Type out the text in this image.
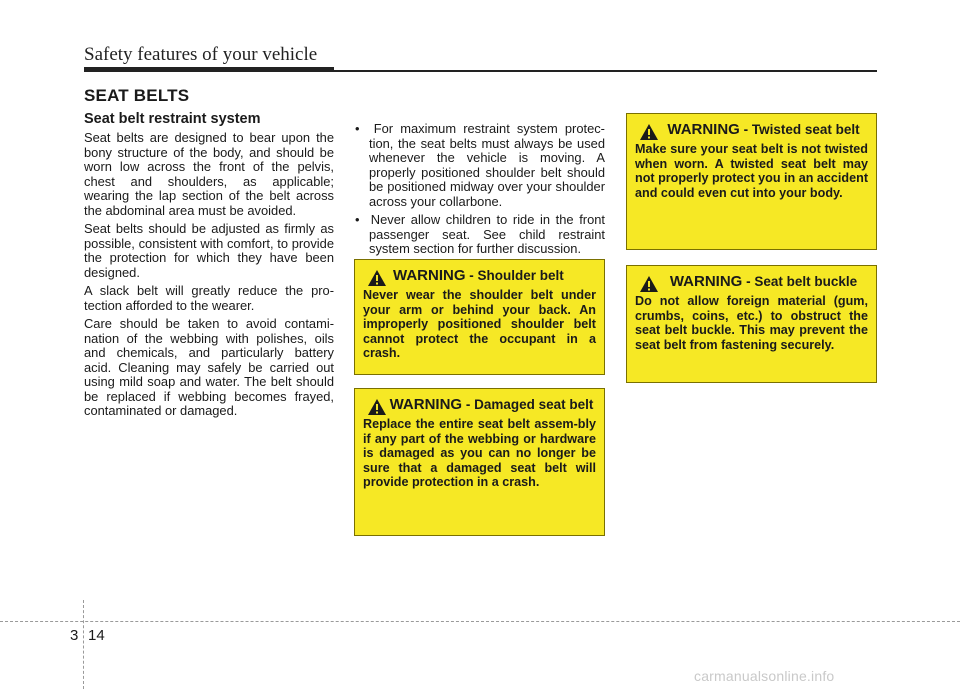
Safety features of your vehicle
SEAT BELTS
Seat belt restraint system

Seat belts are designed to bear upon the bony structure of the body, and should be worn low across the front of the pelvis, chest and shoulders, as applicable; wearing the lap section of the belt across the abdominal area must be avoided.

Seat belts should be adjusted as firmly as possible, consistent with comfort, to provide the protection for which they have been designed.

A slack belt will greatly reduce the pro-tection afforded to the wearer.

Care should be taken to avoid contami-nation of the webbing with polishes, oils and chemicals, and particularly battery acid. Cleaning may safely be carried out using mild soap and water. The belt should be replaced if webbing becomes frayed, contaminated or damaged.

•  For maximum restraint system protec-tion, the seat belts must always be used whenever the vehicle is moving. A properly positioned shoulder belt should be positioned midway over your shoulder across your collarbone.

•  Never allow children to ride in the front passenger seat. See child restraint system section for further discussion.

WARNING - Shoulder belt
Never wear the shoulder belt under your arm or behind your back. An improperly positioned shoulder belt cannot protect the occupant in a crash.
WARNING - Damaged seat belt
Replace the entire seat belt assem-bly if any part of the webbing or hardware is damaged as you can no longer be sure that a damaged seat belt will provide protection in a crash.
WARNING - Twisted seat belt
Make sure your seat belt is not twisted when worn. A twisted seat belt may not properly protect you in an accident and could even cut into your body.
WARNING - Seat belt buckle
Do not allow foreign material (gum, crumbs, coins, etc.) to obstruct the seat belt buckle. This may prevent the seat belt from fastening securely.
3 14
carmanualsonline.info
